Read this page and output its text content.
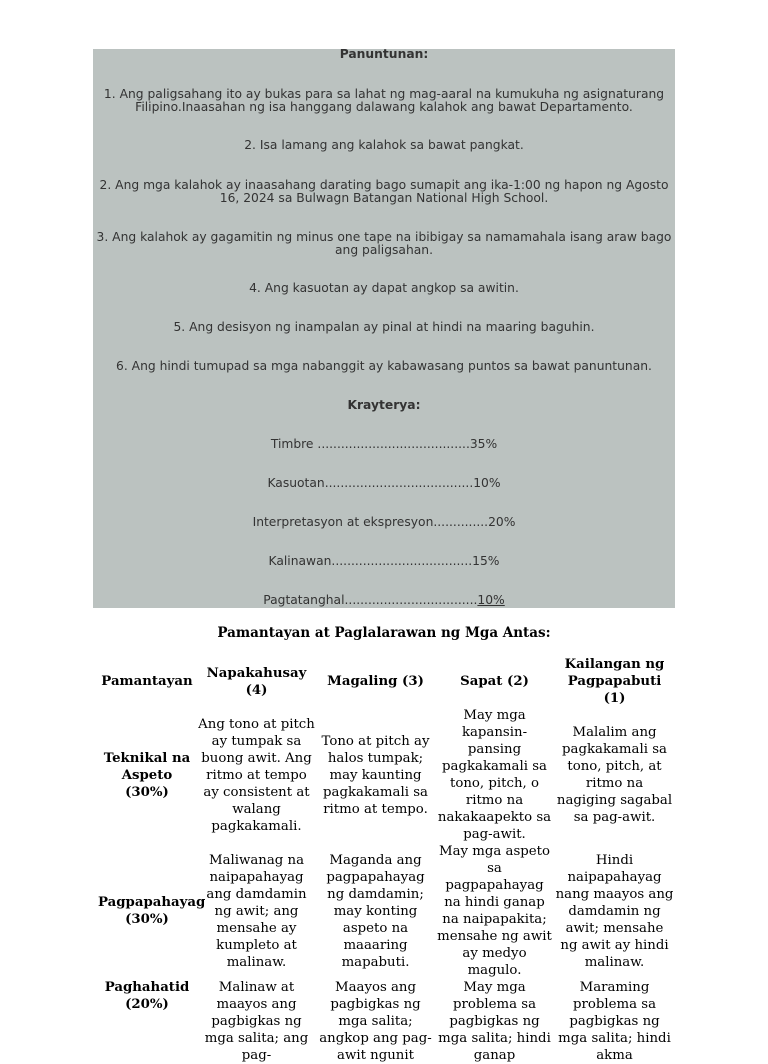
Panuntunan:
1. Ang paligsahang ito ay bukas para sa lahat ng mag-aaral na kumukuha ng asignaturang Filipino.Inaasahan ng isa hanggang dalawang kalahok ang bawat Departamento.
2. Isa lamang ang kalahok sa bawat pangkat.
2. Ang mga kalahok ay inaasahang darating bago sumapit ang ika-1:00 ng hapon ng Agosto 16, 2024 sa Bulwagn Batangan National High School.
3. Ang kalahok ay gagamitin ng minus one tape na ibibigay sa namamahala isang araw bago ang paligsahan.
4. Ang kasuotan ay dapat angkop sa awitin.
5. Ang desisyon ng inampalan ay pinal at hindi na maaring baguhin.
6. Ang hindi tumupad sa mga nabanggit ay kabawasang puntos sa bawat panuntunan.
Krayterya:
Timbre .......................................35%
Kasuotan......................................10%
Interpretasyon at ekspresyon..............20%
Kalinawan....................................15%
Pagtatanghal..................................10%
Pamantayan at Paglalarawan ng Mga Antas:
Pamantayan	Napakahusay (4)	Magaling (3)	Sapat (2)	Kailangan ng Pagpapabuti (1)
Teknikal na Aspeto (30%)	Ang tono at pitch ay tumpak sa buong awit. Ang ritmo at tempo ay consistent at walang pagkakamali.	Tono at pitch ay halos tumpak; may kaunting pagkakamali sa ritmo at tempo.	May mga kapansin-pansing pagkakamali sa tono, pitch, o ritmo na nakakaapekto sa pag-awit.	Malalim ang pagkakamali sa tono, pitch, at ritmo na nagiging sagabal sa pag-awit.
Pagpapahayag (30%)	Maliwanag na naipapahayag ang damdamin ng awit; ang mensahe ay kumpleto at malinaw.	Maganda ang pagpapahayag ng damdamin; may konting aspeto na maaaring mapabuti.	May mga aspeto sa pagpapahayag na hindi ganap na naipapakita; mensahe ng awit ay medyo magulo.	Hindi naipapahayag nang maayos ang damdamin ng awit; mensahe ng awit ay hindi malinaw.
Paghahatid (20%)	Malinaw at maayos ang pagbigkas ng mga salita; ang pag-	Maayos ang pagbigkas ng mga salita; angkop ang pag-awit ngunit	May mga problema sa pagbigkas ng mga salita; hindi ganap	Maraming problema sa pagbigkas ng mga salita; hindi akma
